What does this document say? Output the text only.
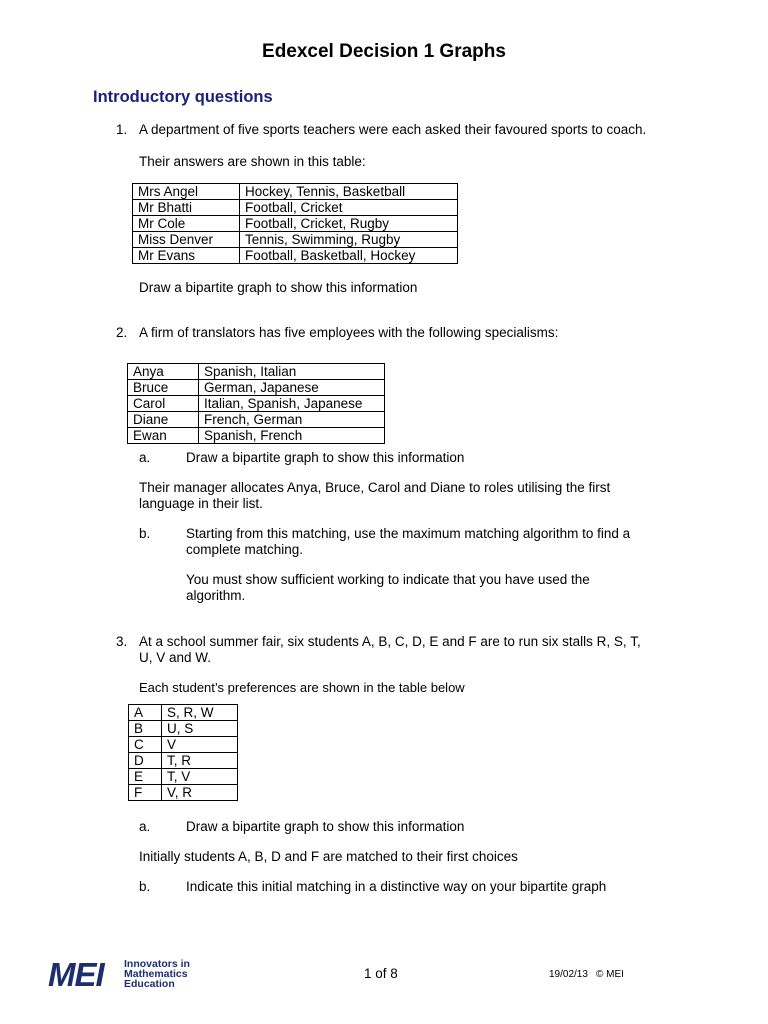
Edexcel Decision 1 Graphs
Introductory questions
1. A department of five sports teachers were each asked their favoured sports to coach.
Their answers are shown in this table:
Mrs Angel	Hockey, Tennis, Basketball
Mr Bhatti	Football, Cricket
Mr Cole	Football, Cricket, Rugby
Miss Denver	Tennis, Swimming, Rugby
Mr Evans	Football, Basketball, Hockey
Draw a bipartite graph to show this information
2. A firm of translators has five employees with the following specialisms:
Anya	Spanish, Italian
Bruce	German, Japanese
Carol	Italian, Spanish, Japanese
Diane	French, German
Ewan	Spanish, French
a.	Draw a bipartite graph to show this information
Their manager allocates Anya, Bruce, Carol and Diane to roles utilising the first
language in their list.
b.	Starting from this matching, use the maximum matching algorithm to find a
complete matching.
You must show sufficient working to indicate that you have used the
algorithm.
3. At a school summer fair, six students A, B, C, D, E and F are to run six stalls R, S, T,
U, V and W.
Each student’s preferences are shown in the table below
A	S, R, W
B	U, S
C	V
D	T, R
E	T, V
F	V, R
a.	Draw a bipartite graph to show this information
Initially students A, B, D and F are matched to their first choices
b.	Indicate this initial matching in a distinctive way on your bipartite graph
MEI Innovators in
Mathematics
Education
1 of 8	19/02/13 © MEI
